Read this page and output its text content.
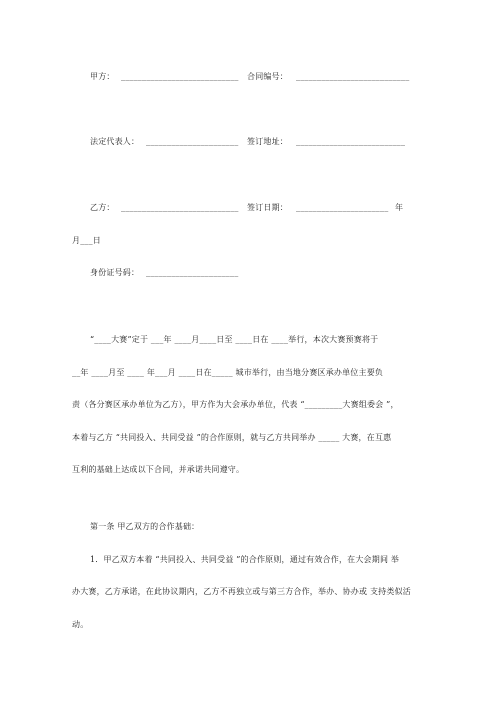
甲方： ____________________________ 合同编号： ___________________________
法定代表人： ______________________ 签订地址： __________________________
乙方： ____________________________ 签订日期： ______________________ 年
月___日
身份证号码： ______________________
“____大赛”定于 ___年 ____月____日至 ____日在 ____举行，本次大赛预赛将于
__年 ____月至 ____ 年___月 ____日在_____ 城市举行，由当地分赛区承办单位主要负
责（各分赛区承办单位为乙方），甲方作为大会承办单位，代表 “_________大赛组委会 ”，
本着与乙方 “共同投入、共同受益 ”的合作原则，就与乙方共同举办 _____ 大赛，在互惠
互利的基础上达成以下合同，并承诺共同遵守。
第一条 甲乙双方的合作基础：
1．甲乙双方本着 “共同投入、共同受益 ”的合作原则，通过有效合作，在大会期间 举
办大赛，乙方承诺，在此协议期内，乙方不再独立或与第三方合作，举办、协办或 支持类似活
动。
